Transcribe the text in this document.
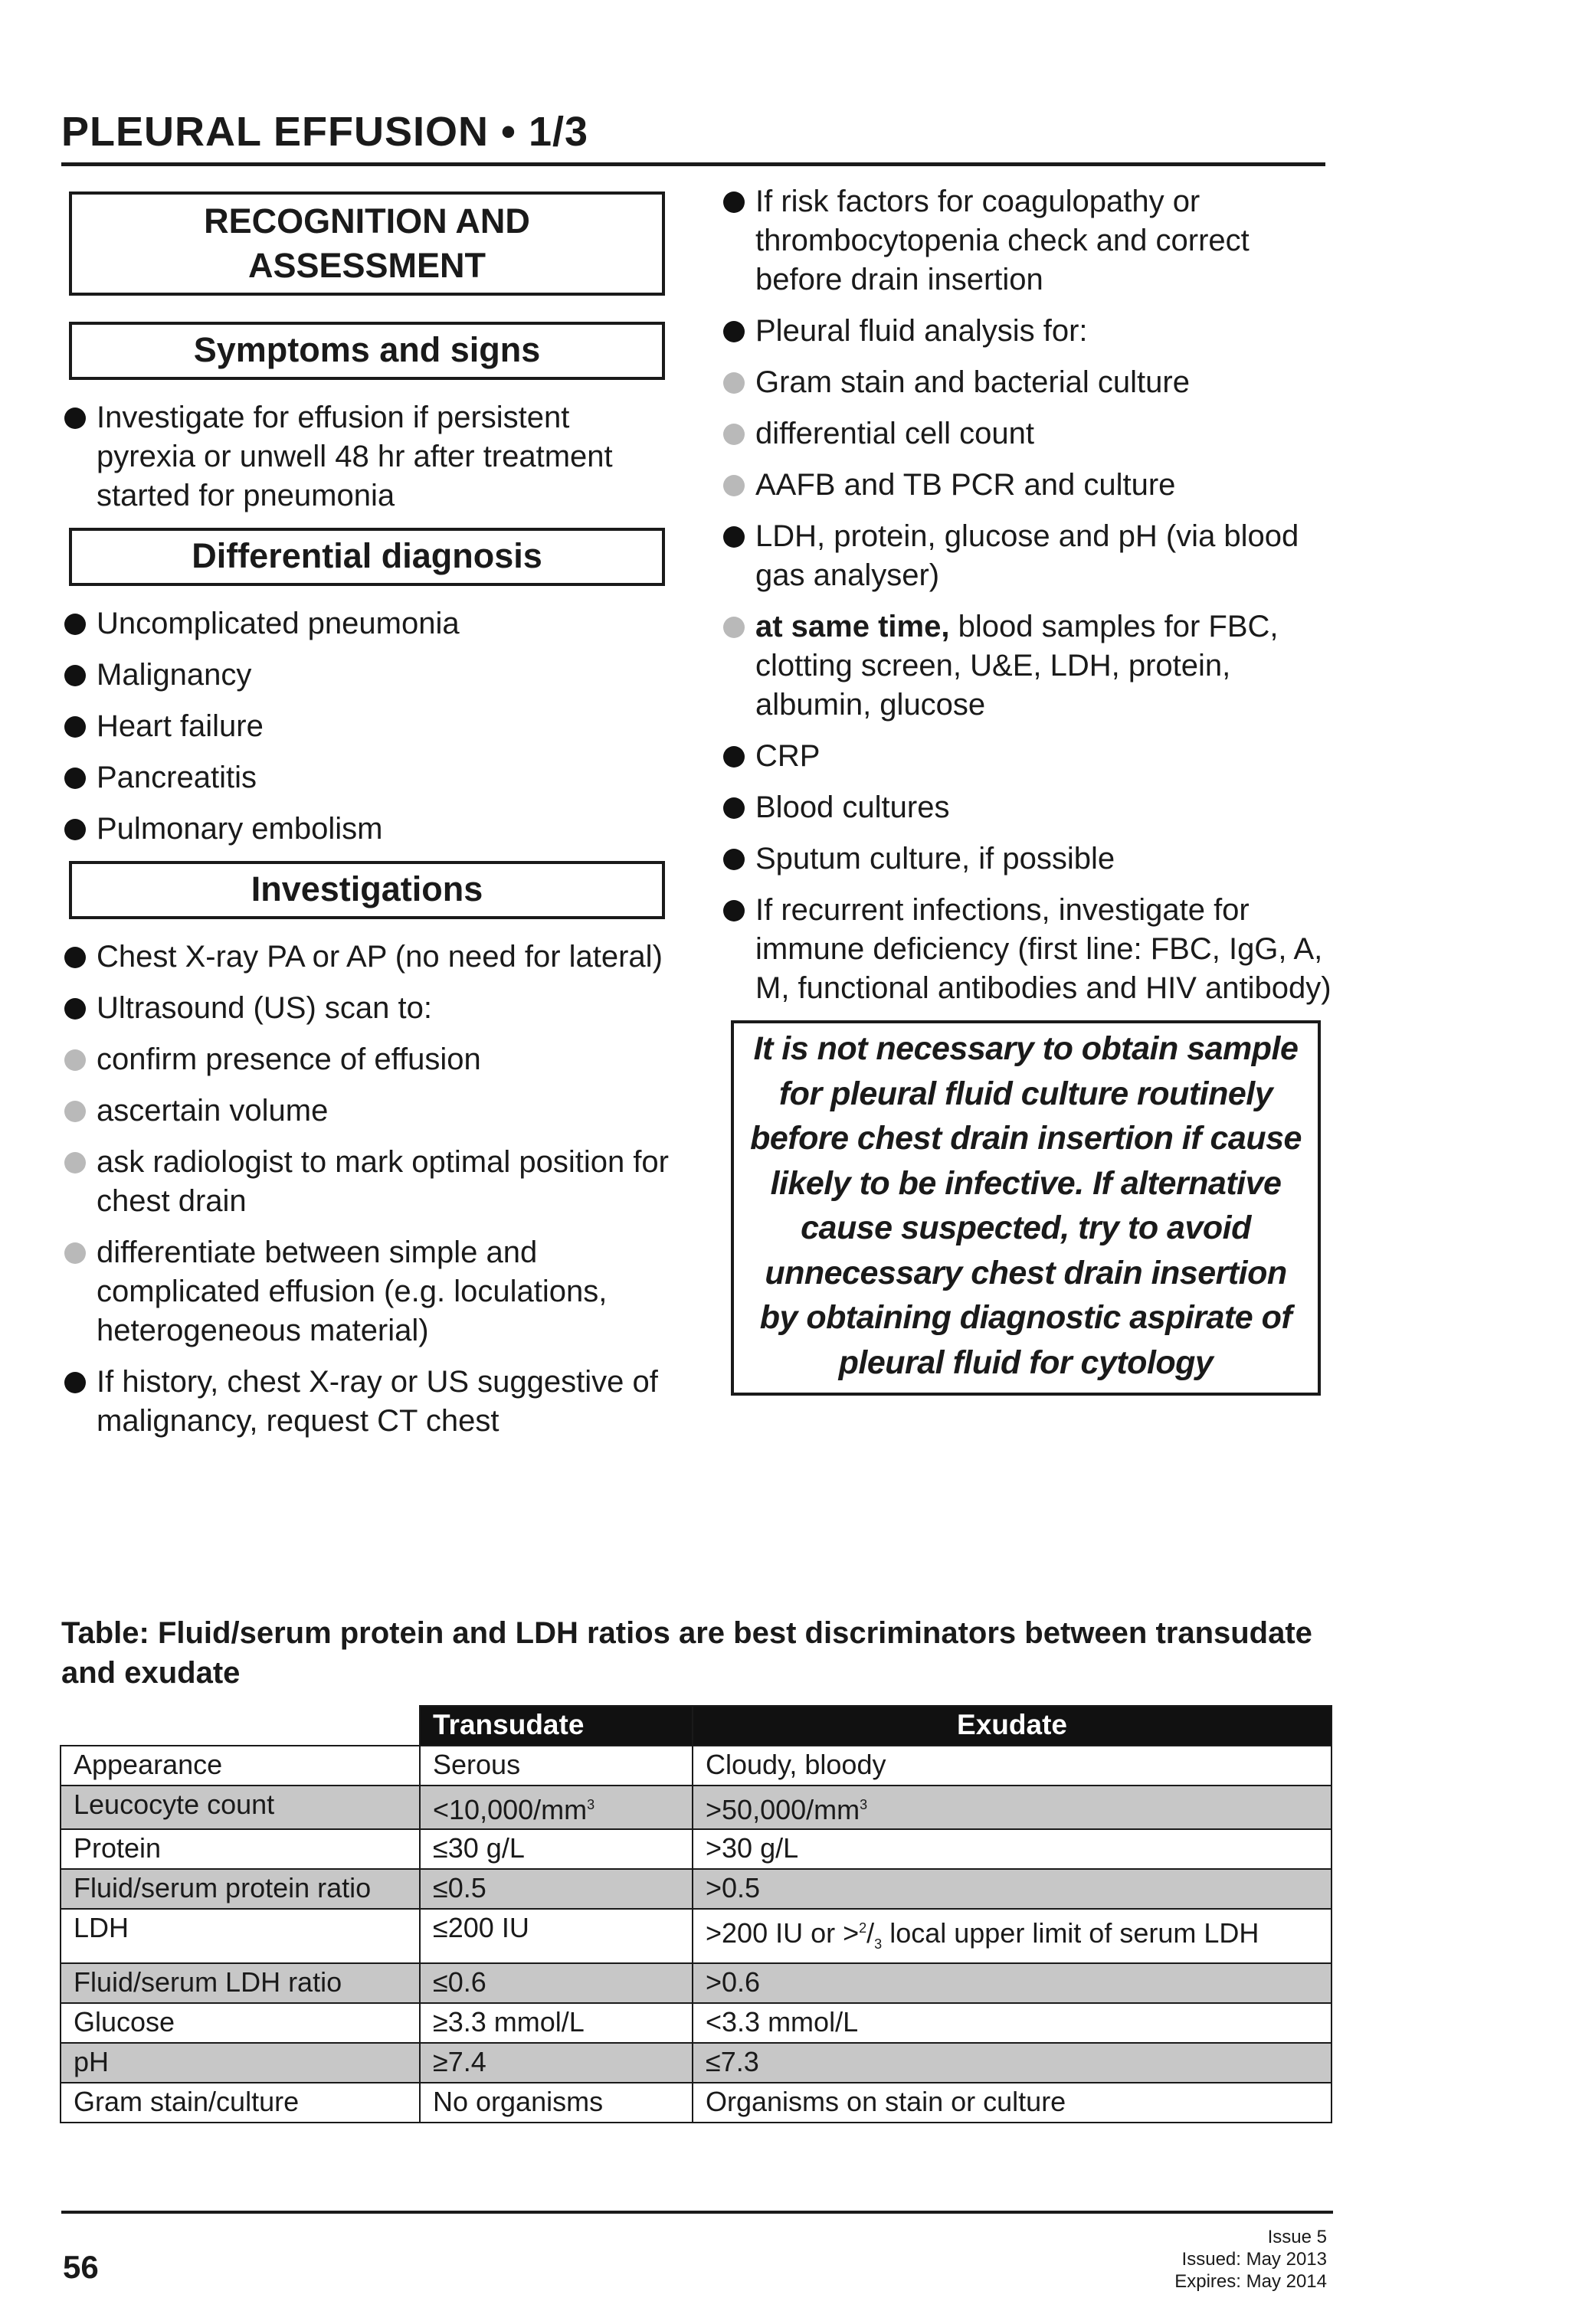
PLEURAL EFFUSION • 1/3
RECOGNITION AND
ASSESSMENT
Symptoms and signs
Investigate for effusion if persistent pyrexia or unwell 48 hr after treatment started for pneumonia
Differential diagnosis
Uncomplicated pneumonia
Malignancy
Heart failure
Pancreatitis
Pulmonary embolism
Investigations
Chest X-ray PA or AP (no need for lateral)
Ultrasound (US) scan to:
confirm presence of effusion
ascertain volume
ask radiologist to mark optimal position for chest drain
differentiate between simple and complicated effusion (e.g. loculations, heterogeneous material)
If history, chest X-ray or US suggestive of malignancy, request CT chest
If risk factors for coagulopathy or thrombocytopenia check and correct before drain insertion
Pleural fluid analysis for:
Gram stain and bacterial culture
differential cell count
AAFB and TB PCR and culture
LDH, protein, glucose and pH (via blood gas analyser)
at same time, blood samples for FBC, clotting screen, U&E, LDH, protein, albumin, glucose
CRP
Blood cultures
Sputum culture, if possible
If recurrent infections, investigate for immune deficiency (first line: FBC, IgG, A, M, functional antibodies and HIV antibody)
It is not necessary to obtain sample for pleural fluid culture routinely before chest drain insertion if cause likely to be infective. If alternative cause suspected, try to avoid unnecessary chest drain insertion by obtaining diagnostic aspirate of pleural fluid for cytology
Table: Fluid/serum protein and LDH ratios are best discriminators between transudate and exudate
	Transudate	Exudate
Appearance	Serous	Cloudy, bloody
Leucocyte count	$<10,000/mm^3$	$>50,000/mm^3$
Protein	≤30 g/L	>30 g/L
Fluid/serum protein ratio	≤0.5	>0.5
LDH	≤200 IU	>200 IU or $>^2/_3$ local upper limit of serum LDH
Fluid/serum LDH ratio	≤0.6	>0.6
Glucose	≥3.3 mmol/L	<3.3 mmol/L
pH	≥7.4	≤7.3
Gram stain/culture	No organisms	Organisms on stain or culture
56
Issue 5
Issued: May 2013
Expires: May 2014
